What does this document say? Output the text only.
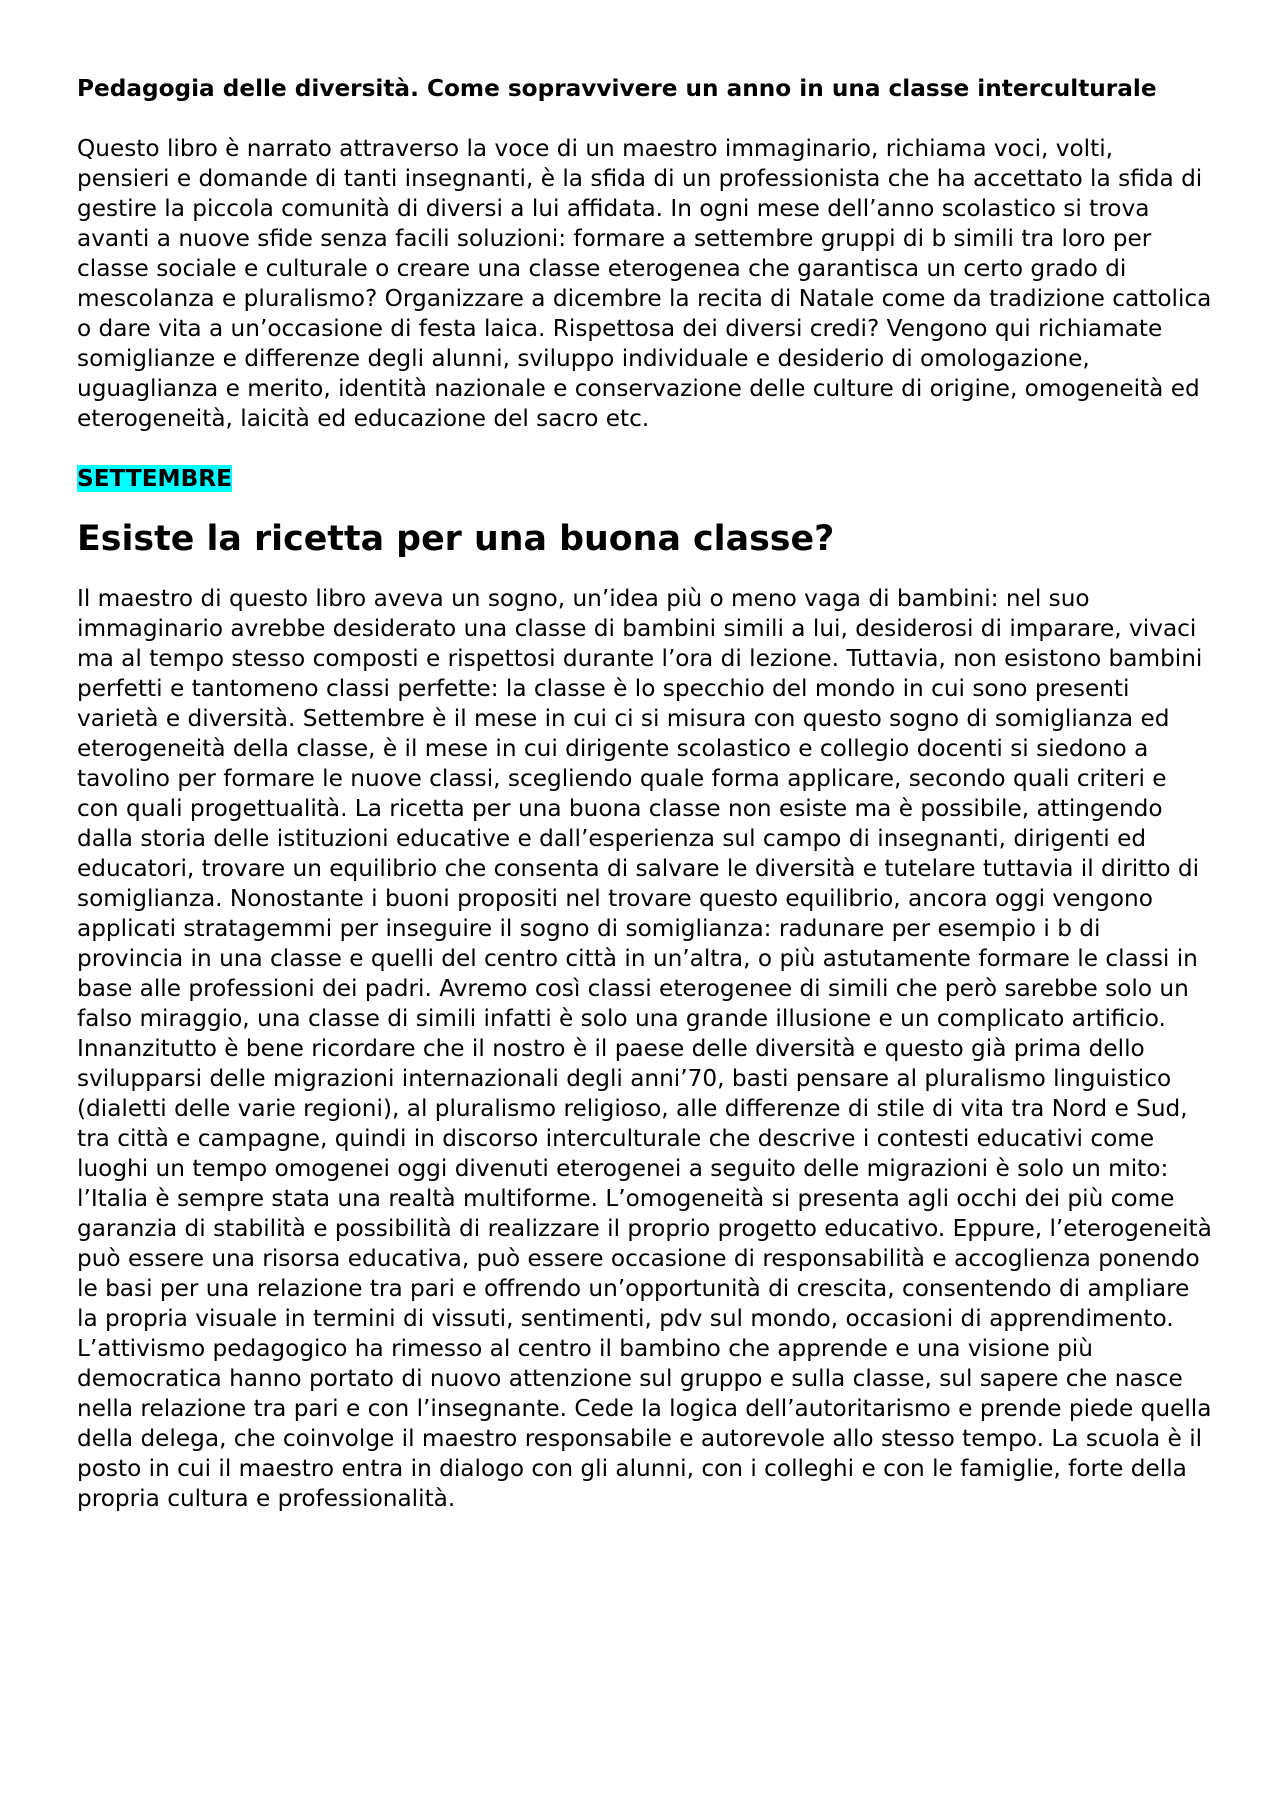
Pedagogia delle diversità. Come sopravvivere un anno in una classe interculturale

Questo libro è narrato attraverso la voce di un maestro immaginario, richiama voci, volti, pensieri e domande di tanti insegnanti, è la sfida di un professionista che ha accettato la sfida di gestire la piccola comunità di diversi a lui affidata. In ogni mese dell’anno scolastico si trova avanti a nuove sfide senza facili soluzioni: formare a settembre gruppi di b simili tra loro per classe sociale e culturale o creare una classe eterogenea che garantisca un certo grado di mescolanza e pluralismo? Organizzare a dicembre la recita di Natale come da tradizione cattolica o dare vita a un’occasione di festa laica. Rispettosa dei diversi credi? Vengono qui richiamate somiglianze e differenze degli alunni, sviluppo individuale e desiderio di omologazione, uguaglianza e merito, identità nazionale e conservazione delle culture di origine, omogeneità ed eterogeneità, laicità ed educazione del sacro etc.

SETTEMBRE
Esiste la ricetta per una buona classe?

Il maestro di questo libro aveva un sogno, un’idea più o meno vaga di bambini: nel suo immaginario avrebbe desiderato una classe di bambini simili a lui, desiderosi di imparare, vivaci ma al tempo stesso composti e rispettosi durante l’ora di lezione. Tuttavia, non esistono bambini perfetti e tantomeno classi perfette: la classe è lo specchio del mondo in cui sono presenti varietà e diversità. Settembre è il mese in cui ci si misura con questo sogno di somiglianza ed eterogeneità della classe, è il mese in cui dirigente scolastico e collegio docenti si siedono a tavolino per formare le nuove classi, scegliendo quale forma applicare, secondo quali criteri e con quali progettualità. La ricetta per una buona classe non esiste ma è possibile, attingendo dalla storia delle istituzioni educative e dall’esperienza sul campo di insegnanti, dirigenti ed educatori, trovare un equilibrio che consenta di salvare le diversità e tutelare tuttavia il diritto di somiglianza. Nonostante i buoni propositi nel trovare questo equilibrio, ancora oggi vengono applicati stratagemmi per inseguire il sogno di somiglianza: radunare per esempio i b di provincia in una classe e quelli del centro città in un’altra, o più astutamente formare le classi in base alle professioni dei padri. Avremo così classi eterogenee di simili che però sarebbe solo un falso miraggio, una classe di simili infatti è solo una grande illusione e un complicato artificio. Innanzitutto è bene ricordare che il nostro è il paese delle diversità e questo già prima dello svilupparsi delle migrazioni internazionali degli anni’70, basti pensare al pluralismo linguistico (dialetti delle varie regioni), al pluralismo religioso, alle differenze di stile di vita tra Nord e Sud, tra città e campagne, quindi in discorso interculturale che descrive i contesti educativi come luoghi un tempo omogenei oggi divenuti eterogenei a seguito delle migrazioni è solo un mito: l’Italia è sempre stata una realtà multiforme. L’omogeneità si presenta agli occhi dei più come garanzia di stabilità e possibilità di realizzare il proprio progetto educativo. Eppure, l’eterogeneità può essere una risorsa educativa, può essere occasione di responsabilità e accoglienza ponendo le basi per una relazione tra pari e offrendo un’opportunità di crescita, consentendo di ampliare la propria visuale in termini di vissuti, sentimenti, pdv sul mondo, occasioni di apprendimento. L’attivismo pedagogico ha rimesso al centro il bambino che apprende e una visione più democratica hanno portato di nuovo attenzione sul gruppo e sulla classe, sul sapere che nasce nella relazione tra pari e con l’insegnante. Cede la logica dell’autoritarismo e prende piede quella della delega, che coinvolge il maestro responsabile e autorevole allo stesso tempo. La scuola è il posto in cui il maestro entra in dialogo con gli alunni, con i colleghi e con le famiglie, forte della propria cultura e professionalità.
